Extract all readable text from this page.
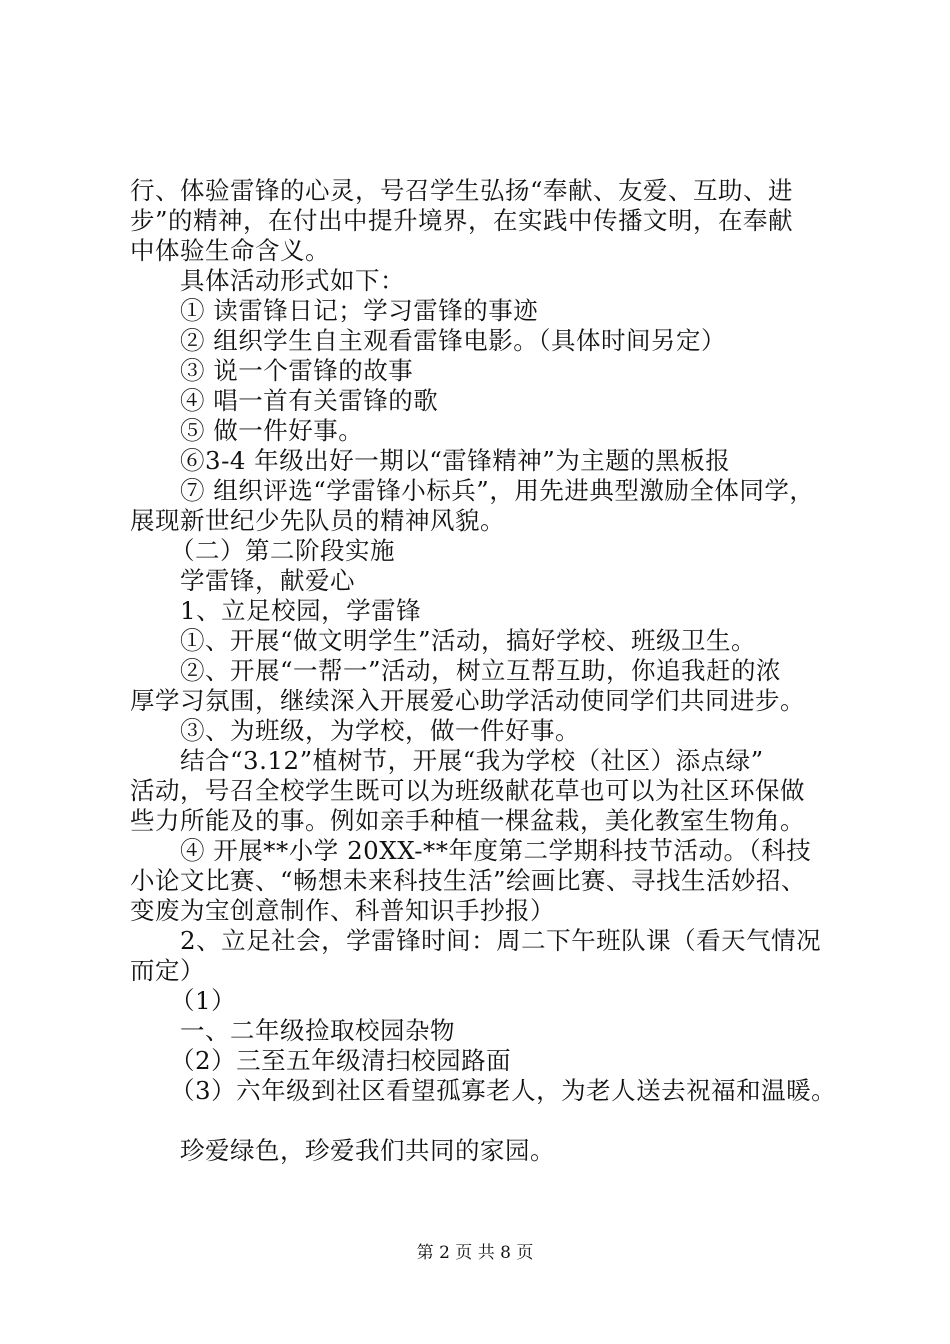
行、体验雷锋的心灵，号召学生弘扬“奉献、友爱、互助、进
步”的精神，在付出中提升境界，在实践中传播文明，在奉献
中体验生命含义。
具体活动形式如下：
① 读雷锋日记；学习雷锋的事迹
② 组织学生自主观看雷锋电影。（具体时间另定）
③ 说一个雷锋的故事
④ 唱一首有关雷锋的歌
⑤ 做一件好事。
⑥3-4 年级出好一期以“雷锋精神”为主题的黑板报
⑦ 组织评选“学雷锋小标兵”，用先进典型激励全体同学，
展现新世纪少先队员的精神风貌。
（二）第二阶段实施
学雷锋，献爱心
1、立足校园，学雷锋
①、开展“做文明学生”活动，搞好学校、班级卫生。
②、开展“一帮一”活动，树立互帮互助，你追我赶的浓
厚学习氛围，继续深入开展爱心助学活动使同学们共同进步。
③、为班级，为学校，做一件好事。
结合“3.12”植树节，开展“我为学校（社区）添点绿”
活动，号召全校学生既可以为班级献花草也可以为社区环保做
些力所能及的事。例如亲手种植一棵盆栽，美化教室生物角。
④ 开展**小学 20XX-**年度第二学期科技节活动。（科技
小论文比赛、“畅想未来科技生活”绘画比赛、寻找生活妙招、
变废为宝创意制作、科普知识手抄报）
2、立足社会，学雷锋时间：周二下午班队课（看天气情况
而定）
（1）
一、二年级捡取校园杂物
（2）三至五年级清扫校园路面
（3）六年级到社区看望孤寡老人，为老人送去祝福和温暖。
珍爱绿色，珍爱我们共同的家园。
第 2 页 共 8 页
